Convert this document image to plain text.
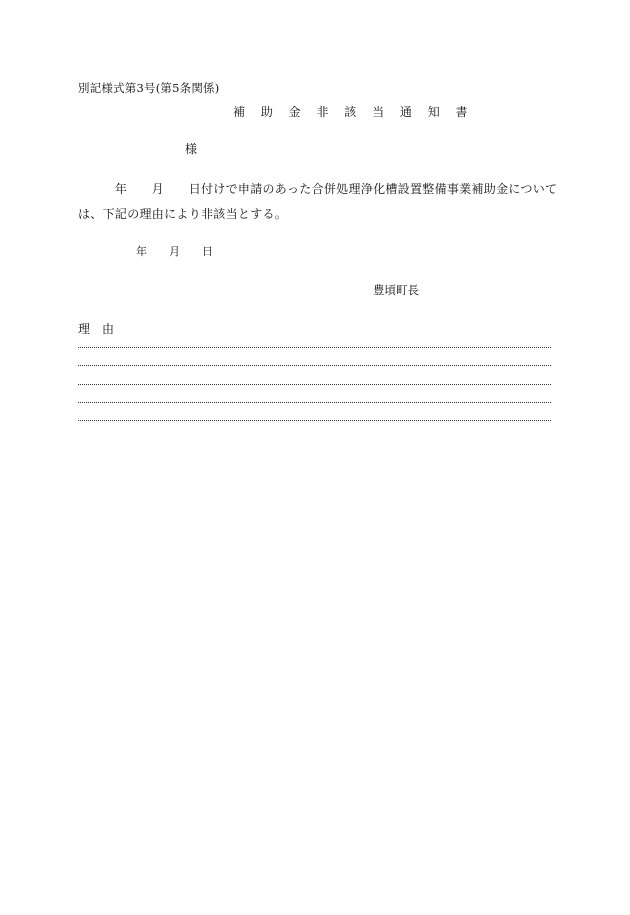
別記様式第3号(第5条関係)
補 助 金 非 該 当 通 知 書
様
　　　年　　月　　日付けで申請のあった合併処理浄化槽設置整備事業補助金について
は、下記の理由により非該当とする。
年　　月　　日
豊頃町長
理　由
